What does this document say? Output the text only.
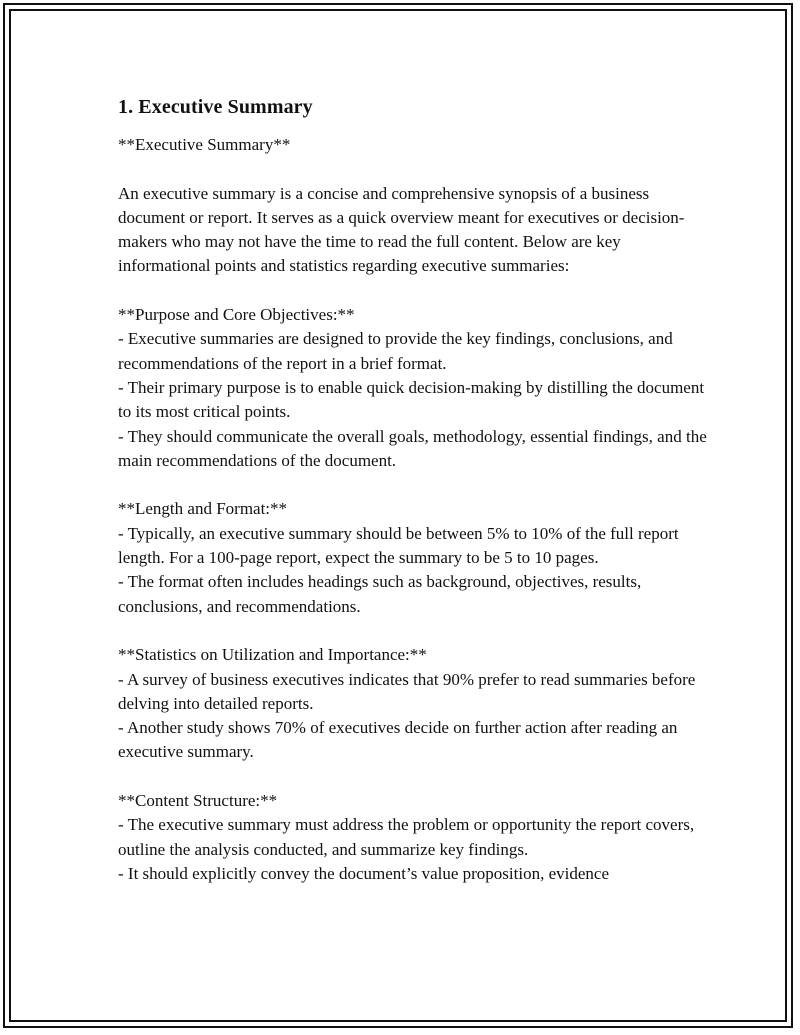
1. Executive Summary

**Executive Summary**

An executive summary is a concise and comprehensive synopsis of a business document or report. It serves as a quick overview meant for executives or decision-makers who may not have the time to read the full content. Below are key informational points and statistics regarding executive summaries:

**Purpose and Core Objectives:**

- Executive summaries are designed to provide the key findings, conclusions, and recommendations of the report in a brief format.

- Their primary purpose is to enable quick decision-making by distilling the document to its most critical points.

- They should communicate the overall goals, methodology, essential findings, and the main recommendations of the document.

**Length and Format:**

- Typically, an executive summary should be between 5% to 10% of the full report length. For a 100-page report, expect the summary to be 5 to 10 pages.

- The format often includes headings such as background, objectives, results, conclusions, and recommendations.

**Statistics on Utilization and Importance:**

- A survey of business executives indicates that 90% prefer to read summaries before delving into detailed reports.

- Another study shows 70% of executives decide on further action after reading an executive summary.

**Content Structure:**

- The executive summary must address the problem or opportunity the report covers, outline the analysis conducted, and summarize key findings.

- It should explicitly convey the document’s value proposition, evidence
